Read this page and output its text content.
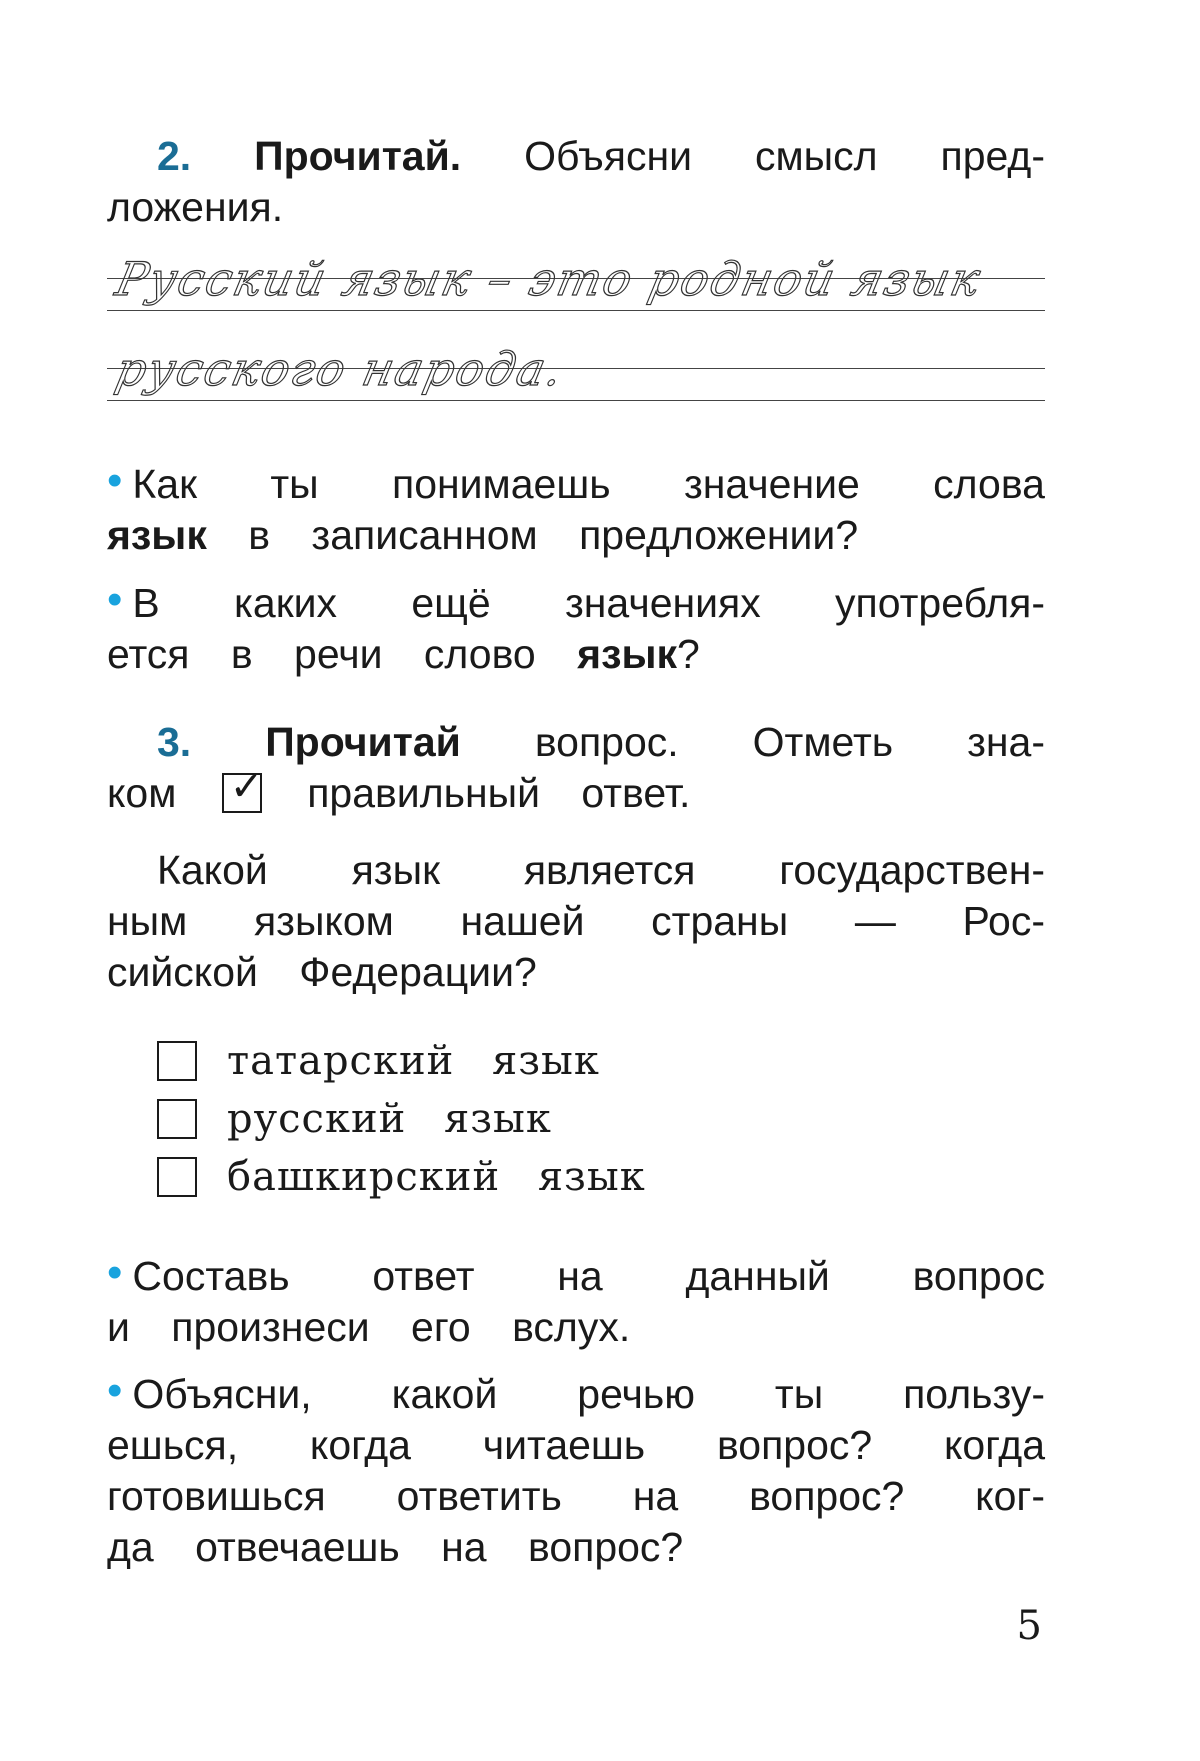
2. Прочитай. Объясни смысл пред-

ложения.

Русский язык – это родной язык
русского народа.

• Как ты понимаешь значение слова

язык в записанном предложении?

• В каких ещё значениях употребля-

ется в речи слово язык?

3. Прочитай вопрос. Отметь зна-

ком ✓ правильный ответ.

Какой язык является государствен-

ным языком нашей страны — Рос-

сийской Федерации?

татарский язык
русский язык
башкирский язык

• Составь ответ на данный вопрос

и произнеси его вслух.

• Объясни, какой речью ты пользу-

ешься, когда читаешь вопрос? когда

готовишься ответить на вопрос? ког-

да отвечаешь на вопрос?

5
